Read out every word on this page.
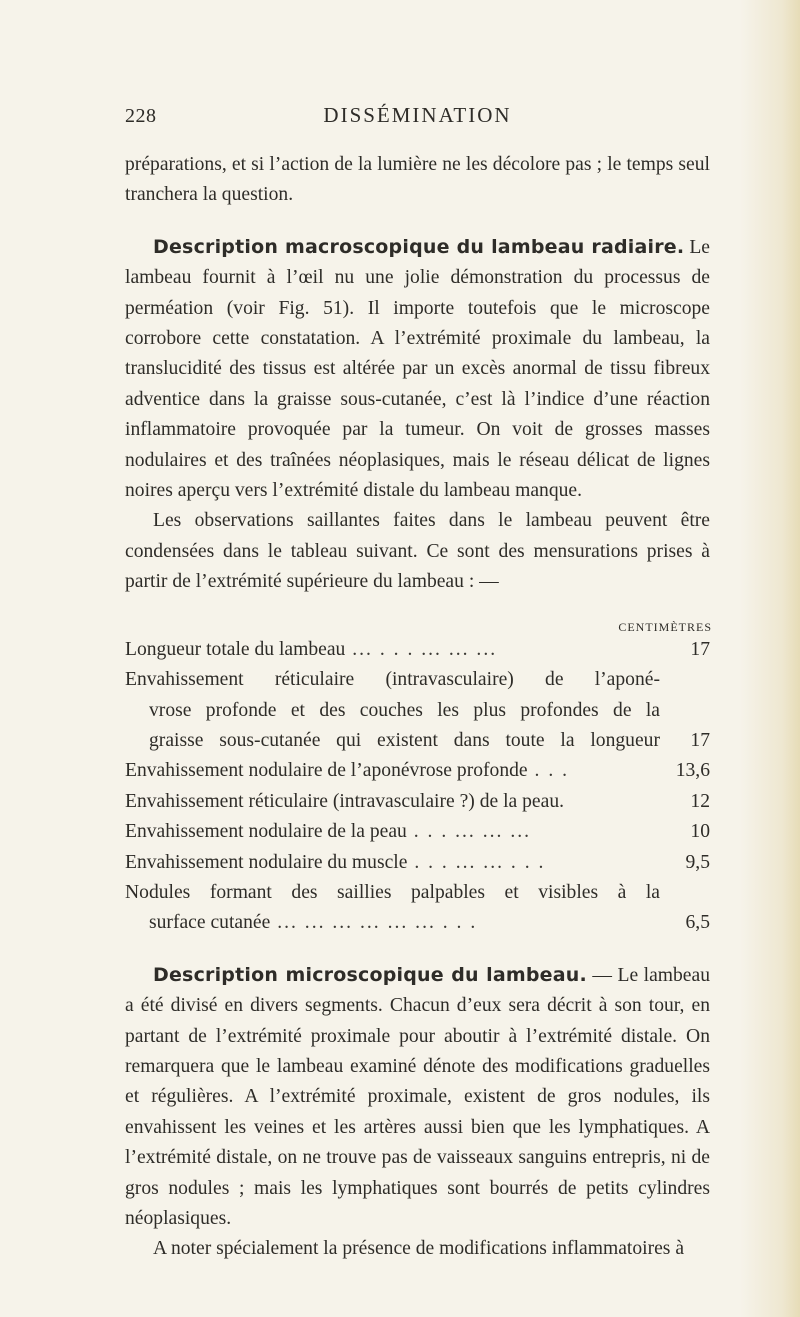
228	DISSÉMINATION

préparations, et si l’action de la lumière ne les décolore pas ; le temps seul tranchera la question.

Description macroscopique du lambeau radiaire. Le lambeau fournit à l’œil nu une jolie démonstration du processus de perméation (voir Fig. 51). Il importe toutefois que le microscope corrobore cette constatation. A l’extrémité proximale du lambeau, la translucidité des tissus est altérée par un excès anormal de tissu fibreux adventice dans la graisse sous-cutanée, c’est là l’indice d’une réaction inflammatoire provoquée par la tumeur. On voit de grosses masses nodulaires et des traînées néoplasiques, mais le réseau délicat de lignes noires aperçu vers l’extrémité distale du lambeau manque.

Les observations saillantes faites dans le lambeau peuvent être condensées dans le tableau suivant. Ce sont des mensurations prises à partir de l’extrémité supérieure du lambeau : —

CENTIMÈTRES
Longueur totale du lambeau ... . . . ... ... ...	17
Envahissement réticulaire (intravasculaire) de l’aponé-
vrose profonde et des couches les plus profondes de la
graisse sous-cutanée qui existent dans toute la longueur	17
Envahissement nodulaire de l’aponévrose profonde . . .	13,6
Envahissement réticulaire (intravasculaire ?) de la peau.	12
Envahissement nodulaire de la peau . . . ... ... ...	10
Envahissement nodulaire du muscle . . . ... ... . . .	9,5
Nodules formant des saillies palpables et visibles à la
surface cutanée ... ... ... ... ... ... . . .	6,5

Description microscopique du lambeau. — Le lambeau a été divisé en divers segments. Chacun d’eux sera décrit à son tour, en partant de l’extrémité proximale pour aboutir à l’extrémité distale. On remarquera que le lambeau examiné dénote des modifications graduelles et régulières. A l’extrémité proximale, existent de gros nodules, ils envahissent les veines et les artères aussi bien que les lymphatiques. A l’extrémité distale, on ne trouve pas de vaisseaux sanguins entrepris, ni de gros nodules ; mais les lymphatiques sont bourrés de petits cylindres néoplasiques.

A noter spécialement la présence de modifications inflammatoires à
